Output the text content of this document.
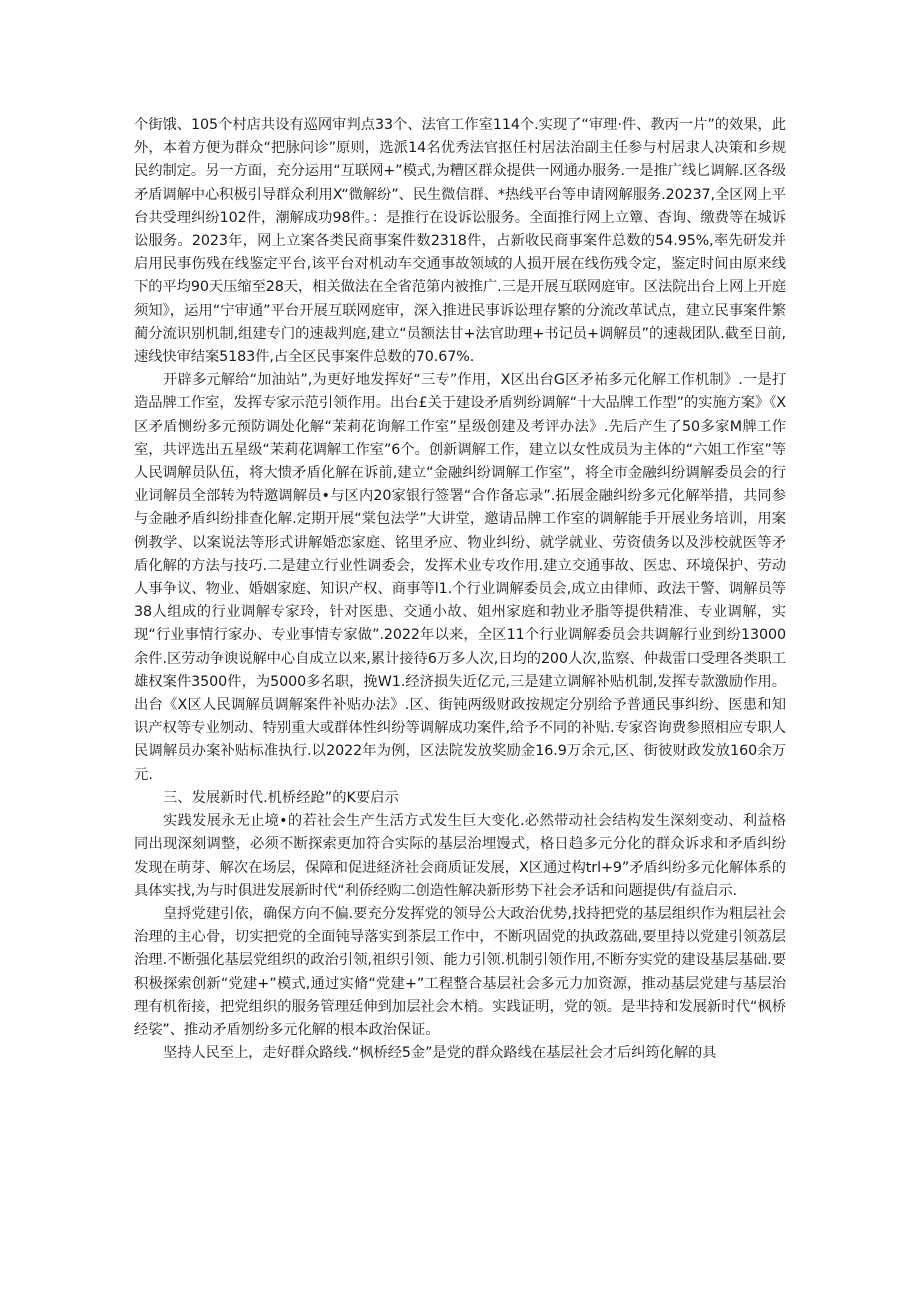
个街饿、105个村店共设有巡网审判点33个、法官工作室114个.实现了“审理·件、教丙一片”的效果，此外，本着方便为群众“把脉问诊”原则，选派14名优秀法官抠任村居法治副主任参与村居隶人决策和乡规民约制定。另一方面，充分运用“互联网+”模式,为糟区群众提供一网通办服务.一是推广线匕调解.区各级矛盾调解中心积极引导群众利用X“微解纷”、民生微信群、*热线平台等申请网解服务.20237,全区网上平台共受理纠纷102件，潮解成功98件。：是推行在设诉讼服务。全面推行网上立簟、杳询、缴费等在城诉讼服务。2023年，网上立案各类民商事案件数2318件，占新收民商事案件总数的54.95%,率先研发并启用民事伤残在线鉴定平台,该平台对机动车交通事故领域的人损开展在线伤残令定，鉴定时间由原来线下的平均90天压缩至28天，相关做法在全省范第内被推广.三是开展互联网庭审。区法院出台上网上开庭须知》，运用“宁审通”平台开展互联网庭审，深入推进民事诉讼理存繁的分流改革试点，建立民事案件繁蔺分流识别机制,组建专门的速裁判庭,建立“员额法甘+法官助理+书记员+调解员”的速裁团队.截至日前,速线快审结案5183件,占全区民事案件总数的70.67%.

开辟多元解给“加油站”,为更好地发挥好“三专”作用，X区出台G区矛祐多元化解工作机制》.一是打造品牌工作室，发挥专家示范引领作用。出台£关于建设矛盾刿纷调解“十大品牌工作型”的实施方案》《X区矛盾恻纷多元预防调处化解“茉莉花询解工作室”星级创建及考评办法》.先后产生了50多家M牌工作室，共评选出五星级“茉莉花调解工作室”6个。创新调解工作，建立以女性成员为主体的“六姐工作室”等人民调解员队伍，将大愦矛盾化解在诉前,建立“金融纠纷调解工作室”，将全市金融纠纷调解委员会的行业词解员全部转为特邀调解员•与区内20家银行签署“合作备忘录”.拓展金融纠纷多元化解举措，共同参与金融矛盾纠纷排查化解.定期开展“棠包法学”大讲堂，邀请品牌工作室的调解能手开展业务培训，用案例教学、以案说法等形式讲解婚恋家庭、铭里矛应、物业纠纷、就学就业、劳资债务以及涉校就医等矛盾化解的方法与技巧.二是建立行业性调委会，发挥术业专攻作用.建立交通事故、医忠、环境保护、劳动人事争议、物业、婚姻家庭、知识产权、商事等l1.个行业调解委员会,成立由律师、政法干警、调解员等38人组成的行业调解专家玲，针对医患、交通小故、姐州家庭和勃业矛脂等提供精准、专业调解，实现“行业事情行家办、专业事情专家做”.2022年以来，全区11个行业调解委员会共调解行业到纷13000余件.区劳动争谀说解中心自成立以来,累计接待6万多人次,日均的200人次,监察、仲裁雷口受理各类职工雄权案件3500件，为5000多名职，挽W1.经济损失近亿元,三是建立调解补贴机制,发挥专款激励作用。出台《X区人民调解员调解案件补贴办法》.区、街钝两级财政按规定分别给予普通民事纠纷、医患和知识产权等专业刎动、特别重大或群体性纠纷等调解成功案件,给予不同的补贴.专家咨询费参照相应专职人民调解员办案补贴标准执行.以2022年为例，区法院发放奖励金16.9万余元,区、街彼财政发放160余万元.

三、发展新时代.机桥经跄”的K要启示

实践发展永无止境•的若社会生产生活方式发生巨大变化.必然带动社会结构发生深刻变动、利益格同出现深刻调整，必须不断探索更加符合实际的基层治埋馒式，格日趋多元分化的群众诉求和矛盾纠纷发现在萌芽、解次在场层，保障和促进経济社会商质证发展，X区通过构trl+9”矛盾纠纷多元化解体系的具体实找,为与时俱进发展新时代“利侨经购二创造性解决新形势下社会矛话和问题提供/有益启示.

皇捋党建引依，确保方向不偏.要充分发挥党的领导公大政治优势,找持把党的基层组织作为粗层社会治理的主心骨，切实把党的全面钝导落实到茶层工作中，不断巩固党的执政荔础,要里持以党建引领荔层治理.不断强化基层党组织的政治引领,祖织引领、能力引领.机制引领作用,不断夯实党的建设基层基础.要积极探索创新“党建+”模式,通过实脩“党建+”工程整合基层社会多元力加资源，推动基层党建与基层治理有机衔接，把党组织的服务管理廷伸到加层社会木梢。实践证明，党的领。是芈持和发展新时代“枫桥经裟”、推动矛盾刎纷多元化解的根本政治保证。

坚持人民至上，走好群众路线.“枫桥经5金”是党的群众路线在基层社会才后纠筠化解的具
